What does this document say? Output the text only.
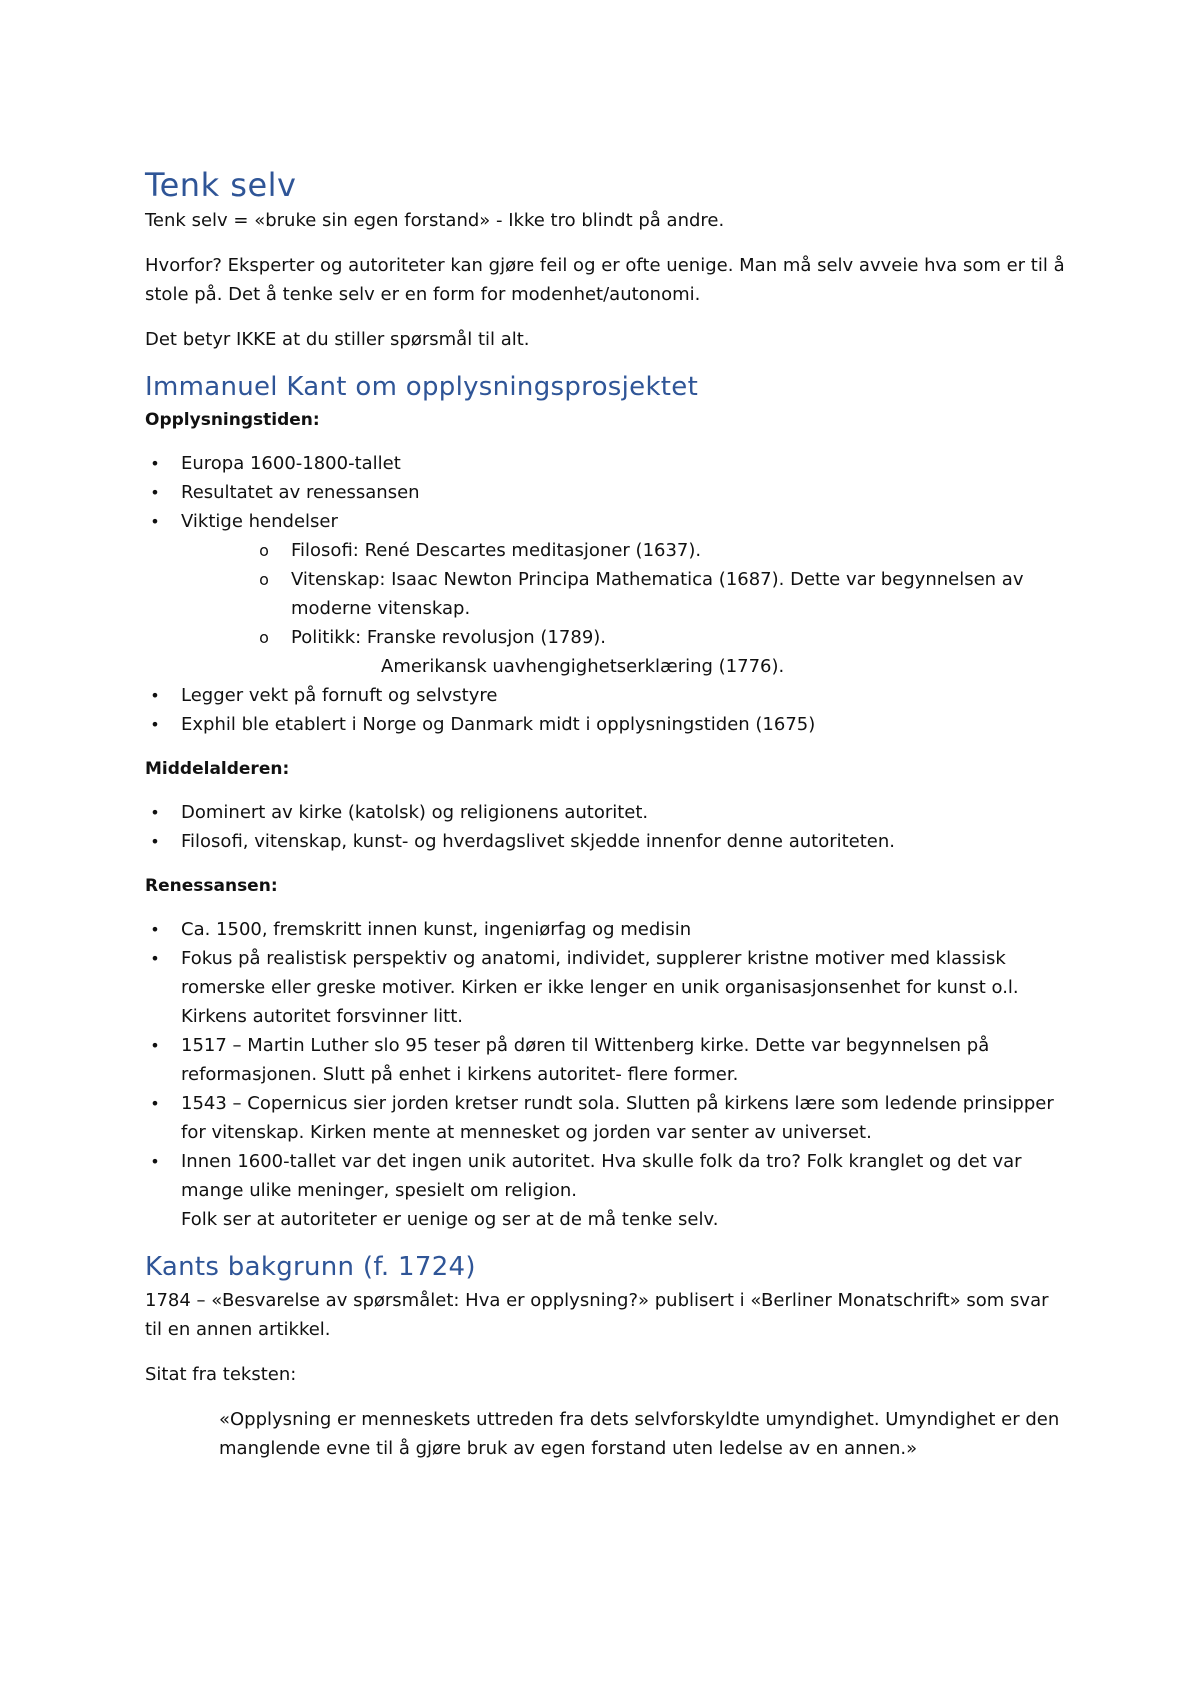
Tenk selv

Tenk selv = «bruke sin egen forstand» - Ikke tro blindt på andre.

Hvorfor? Eksperter og autoriteter kan gjøre feil og er ofte uenige. Man må selv avveie hva som er til å stole på. Det å tenke selv er en form for modenhet/autonomi.

Det betyr IKKE at du stiller spørsmål til alt.

Immanuel Kant om opplysningsprosjektet
Opplysningstiden:
• Europa 1600-1800-tallet
• Resultatet av renessansen
• Viktige hendelser
o Filosofi: René Descartes meditasjoner (1637).
o Vitenskap: Isaac Newton Principa Mathematica (1687). Dette var begynnelsen av moderne vitenskap.
o Politikk: Franske revolusjon (1789).
Amerikansk uavhengighetserklæring (1776).
• Legger vekt på fornuft og selvstyre
• Exphil ble etablert i Norge og Danmark midt i opplysningstiden (1675)
Middelalderen:
• Dominert av kirke (katolsk) og religionens autoritet.
• Filosofi, vitenskap, kunst- og hverdagslivet skjedde innenfor denne autoriteten.
Renessansen:
• Ca. 1500, fremskritt innen kunst, ingeniørfag og medisin
• Fokus på realistisk perspektiv og anatomi, individet, supplerer kristne motiver med klassisk romerske eller greske motiver. Kirken er ikke lenger en unik organisasjonsenhet for kunst o.l. Kirkens autoritet forsvinner litt.
• 1517 – Martin Luther slo 95 teser på døren til Wittenberg kirke. Dette var begynnelsen på reformasjonen. Slutt på enhet i kirkens autoritet- flere former.
• 1543 – Copernicus sier jorden kretser rundt sola. Slutten på kirkens lære som ledende prinsipper for vitenskap. Kirken mente at mennesket og jorden var senter av universet.
• Innen 1600-tallet var det ingen unik autoritet. Hva skulle folk da tro? Folk kranglet og det var mange ulike meninger, spesielt om religion.
Folk ser at autoriteter er uenige og ser at de må tenke selv.
Kants bakgrunn (f. 1724)

1784 – «Besvarelse av spørsmålet: Hva er opplysning?» publisert i «Berliner Monatschrift» som svar til en annen artikkel.

Sitat fra teksten:

«Opplysning er menneskets uttreden fra dets selvforskyldte umyndighet. Umyndighet er den manglende evne til å gjøre bruk av egen forstand uten ledelse av en annen.»
